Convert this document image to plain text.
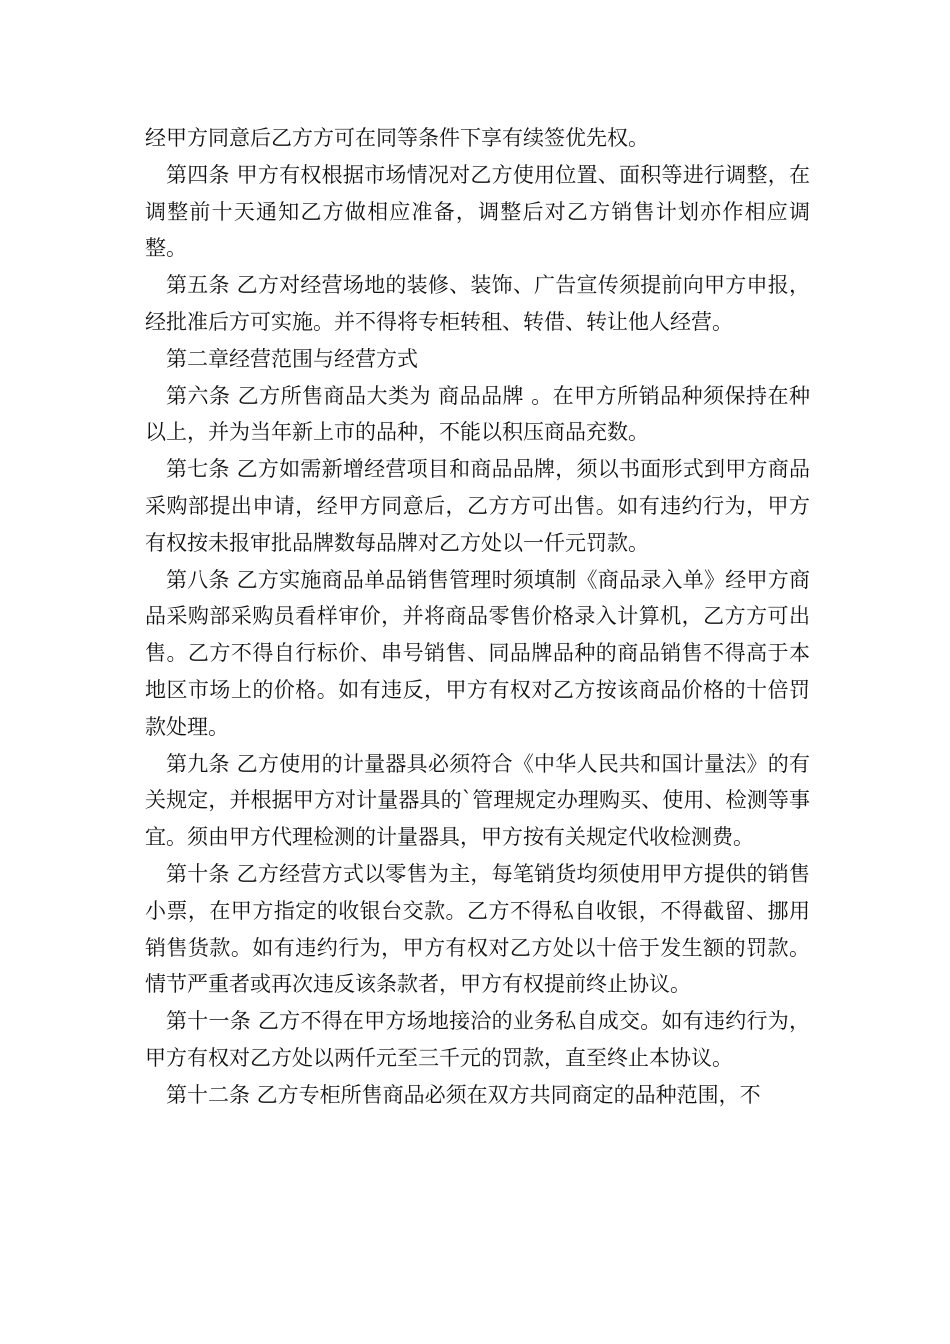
经甲方同意后乙方方可在同等条件下享有续签优先权。

第四条 甲方有权根据市场情况对乙方使用位置、面积等进行调整，在调整前十天通知乙方做相应准备，调整后对乙方销售计划亦作相应调整。

第五条 乙方对经营场地的装修、装饰、广告宣传须提前向甲方申报，经批准后方可实施。并不得将专柜转租、转借、转让他人经营。

第二章经营范围与经营方式

第六条 乙方所售商品大类为 商品品牌 。在甲方所销品种须保持在种以上，并为当年新上市的品种，不能以积压商品充数。

第七条 乙方如需新增经营项目和商品品牌，须以书面形式到甲方商品采购部提出申请，经甲方同意后，乙方方可出售。如有违约行为，甲方有权按未报审批品牌数每品牌对乙方处以一仟元罚款。

第八条 乙方实施商品单品销售管理时须填制《商品录入单》经甲方商品采购部采购员看样审价，并将商品零售价格录入计算机，乙方方可出售。乙方不得自行标价、串号销售、同品牌品种的商品销售不得高于本地区市场上的价格。如有违反，甲方有权对乙方按该商品价格的十倍罚款处理。

第九条 乙方使用的计量器具必须符合《中华人民共和国计量法》的有关规定，并根据甲方对计量器具的`管理规定办理购买、使用、检测等事宜。须由甲方代理检测的计量器具，甲方按有关规定代收检测费。

第十条 乙方经营方式以零售为主，每笔销货均须使用甲方提供的销售小票，在甲方指定的收银台交款。乙方不得私自收银，不得截留、挪用销售货款。如有违约行为，甲方有权对乙方处以十倍于发生额的罚款。情节严重者或再次违反该条款者，甲方有权提前终止协议。

第十一条 乙方不得在甲方场地接洽的业务私自成交。如有违约行为，甲方有权对乙方处以两仟元至三千元的罚款，直至终止本协议。

第十二条 乙方专柜所售商品必须在双方共同商定的品种范围，不
